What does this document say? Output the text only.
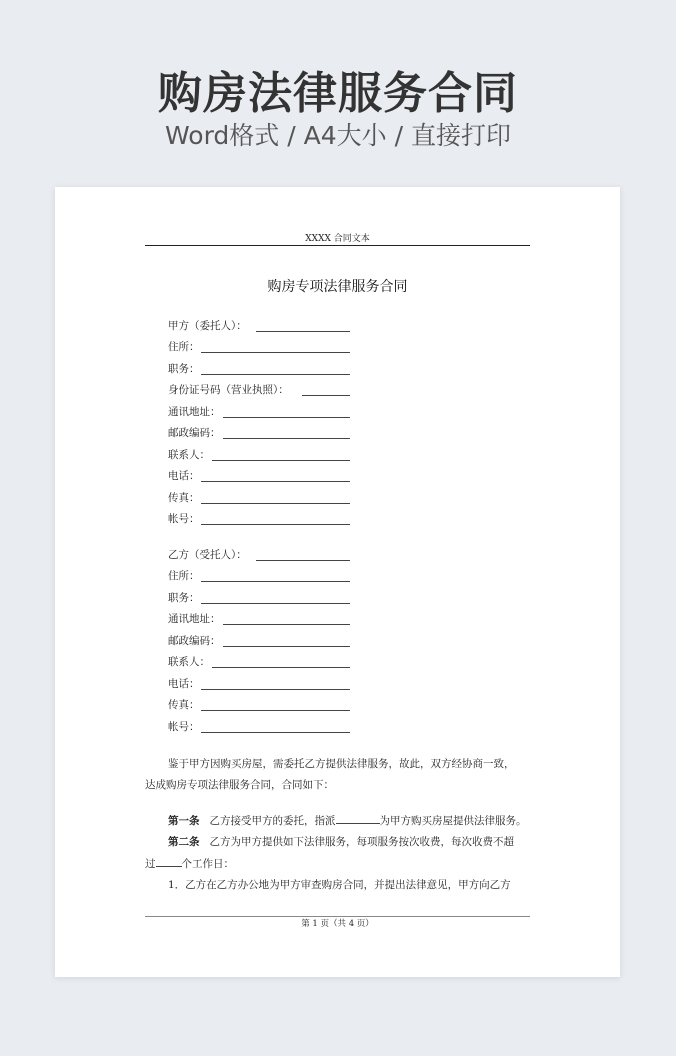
购房法律服务合同
Word格式 / A4大小 / 直接打印
XXXX 合同文本
购房专项法律服务合同
甲方（委托人）：
住所：
职务：
身份证号码（营业执照）：
通讯地址：
邮政编码：
联系人：
电话：
传真：
帐号：
乙方（受托人）：
住所：
职务：
通讯地址：
邮政编码：
联系人：
电话：
传真：
帐号：
鉴于甲方因购买房屋，需委托乙方提供法律服务，故此，双方经协商一致，
达成购房专项法律服务合同，合同如下：
第一条 乙方接受甲方的委托，指派	为甲方购买房屋提供法律服务。
第二条 乙方为甲方提供如下法律服务，每项服务按次收费，每次收费不超
过 个工作日：
1．乙方在乙方办公地为甲方审查购房合同，并提出法律意见，甲方向乙方
第 1 页（共 4 页）
